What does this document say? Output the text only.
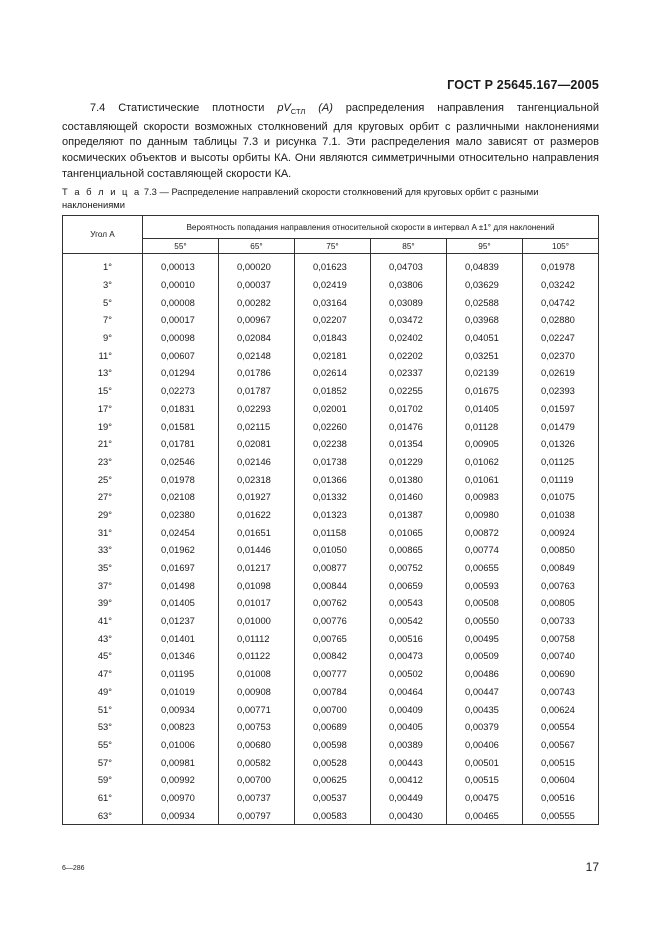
ГОСТ Р 25645.167—2005
7.4 Статистические плотности $pV_{СТЛ}$ (A) распределения направления тангенциальной составляющей скорости возможных столкновений для круговых орбит с различными наклонениями определяют по данным таблицы 7.3 и рисунка 7.1. Эти распределения мало зависят от размеров космических объектов и высоты орбиты КА. Они являются симметричными относительно направления тангенциальной составляющей скорости КА.
Т а б л и ц а 7.3 — Распределение направлений скорости столкновений для круговых орбит с разными наклонениями
Угол A	Вероятность попадания направления относительной скорости в интервал A ±1° для наклонений					
	55°	65°	75°	85°	95°	105°

1°	0,00013	0,00020	0,01623	0,04703	0,04839	0,01978
3°	0,00010	0,00037	0,02419	0,03806	0,03629	0,03242
5°	0,00008	0,00282	0,03164	0,03089	0,02588	0,04742
7°	0,00017	0,00967	0,02207	0,03472	0,03968	0,02880
9°	0,00098	0,02084	0,01843	0,02402	0,04051	0,02247
11°	0,00607	0,02148	0,02181	0,02202	0,03251	0,02370
13°	0,01294	0,01786	0,02614	0,02337	0,02139	0,02619
15°	0,02273	0,01787	0,01852	0,02255	0,01675	0,02393
17°	0,01831	0,02293	0,02001	0,01702	0,01405	0,01597
19°	0,01581	0,02115	0,02260	0,01476	0,01128	0,01479
21°	0,01781	0,02081	0,02238	0,01354	0,00905	0,01326
23°	0,02546	0,02146	0,01738	0,01229	0,01062	0,01125
25°	0,01978	0,02318	0,01366	0,01380	0,01061	0,01119
27°	0,02108	0,01927	0,01332	0,01460	0,00983	0,01075
29°	0,02380	0,01622	0,01323	0,01387	0,00980	0,01038
31°	0,02454	0,01651	0,01158	0,01065	0,00872	0,00924
33°	0,01962	0,01446	0,01050	0,00865	0,00774	0,00850
35°	0,01697	0,01217	0,00877	0,00752	0,00655	0,00849
37°	0,01498	0,01098	0,00844	0,00659	0,00593	0,00763
39°	0,01405	0,01017	0,00762	0,00543	0,00508	0,00805
41°	0,01237	0,01000	0,00776	0,00542	0,00550	0,00733
43°	0,01401	0,01112	0,00765	0,00516	0,00495	0,00758
45°	0,01346	0,01122	0,00842	0,00473	0,00509	0,00740
47°	0,01195	0,01008	0,00777	0,00502	0,00486	0,00690
49°	0,01019	0,00908	0,00784	0,00464	0,00447	0,00743
51°	0,00934	0,00771	0,00700	0,00409	0,00435	0,00624
53°	0,00823	0,00753	0,00689	0,00405	0,00379	0,00554
55°	0,01006	0,00680	0,00598	0,00389	0,00406	0,00567
57°	0,00981	0,00582	0,00528	0,00443	0,00501	0,00515
59°	0,00992	0,00700	0,00625	0,00412	0,00515	0,00604
61°	0,00970	0,00737	0,00537	0,00449	0,00475	0,00516
63°	0,00934	0,00797	0,00583	0,00430	0,00465	0,00555
6—286	17
